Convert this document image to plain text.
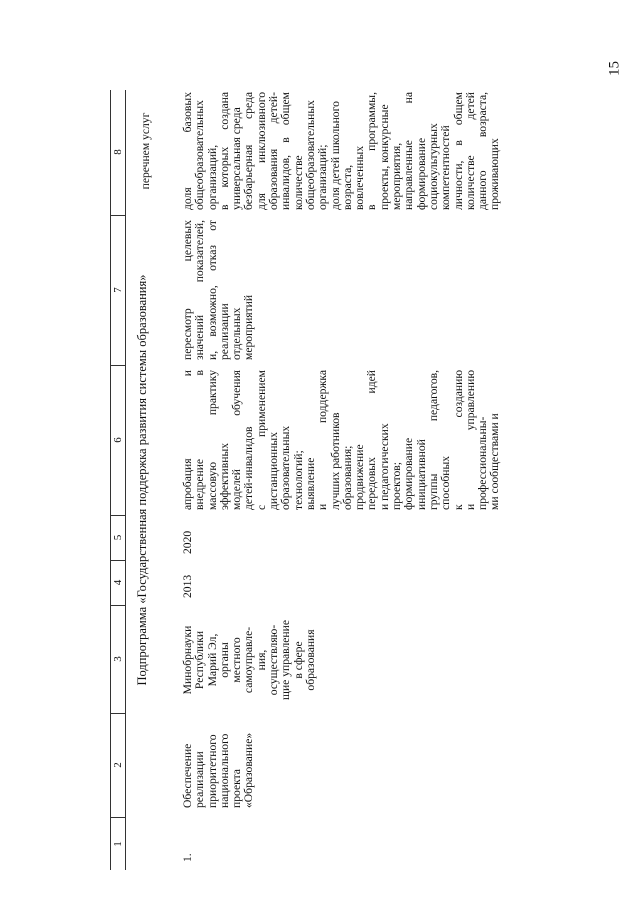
15
1
2
3
4
5
6
7
8
Подпрограмма «Государственная поддержка развития системы образования»
1.
Обеспечение реализации приоритетного национального проекта «Образование»
Минобрнауки Республики Марий Эл, органы местного самоуправле- ния, осуществляю- щие управление в сфере образования
2013
2020
апробация и внедрение в массовую практику эффективных моделей обучения детей-инвалидов с применением дистанционных образовательных технологий; выявление и поддержка лучших работников образования; продвижение передовых идей и педагогических проектов; формирование инициативной группы педагогов, способных к созданию и управлению профессиональны- ми сообществами и
пересмотр целевых значений показателей, и, возможно, отказ от реализации отдельных мероприятий
перечнем услуг	доля базовых общеобразовательных организаций, в которых создана универсальная среда безбарьерная среда для инклюзивного образования детей- инвалидов, в общем количестве общеобразовательных организаций; доля детей школьного возраста, вовлеченных в программы, проекты, конкурсные мероприятия, направленные на формирование социокультурных компетентностей личности, в общем количестве детей данного возраста, проживающих
